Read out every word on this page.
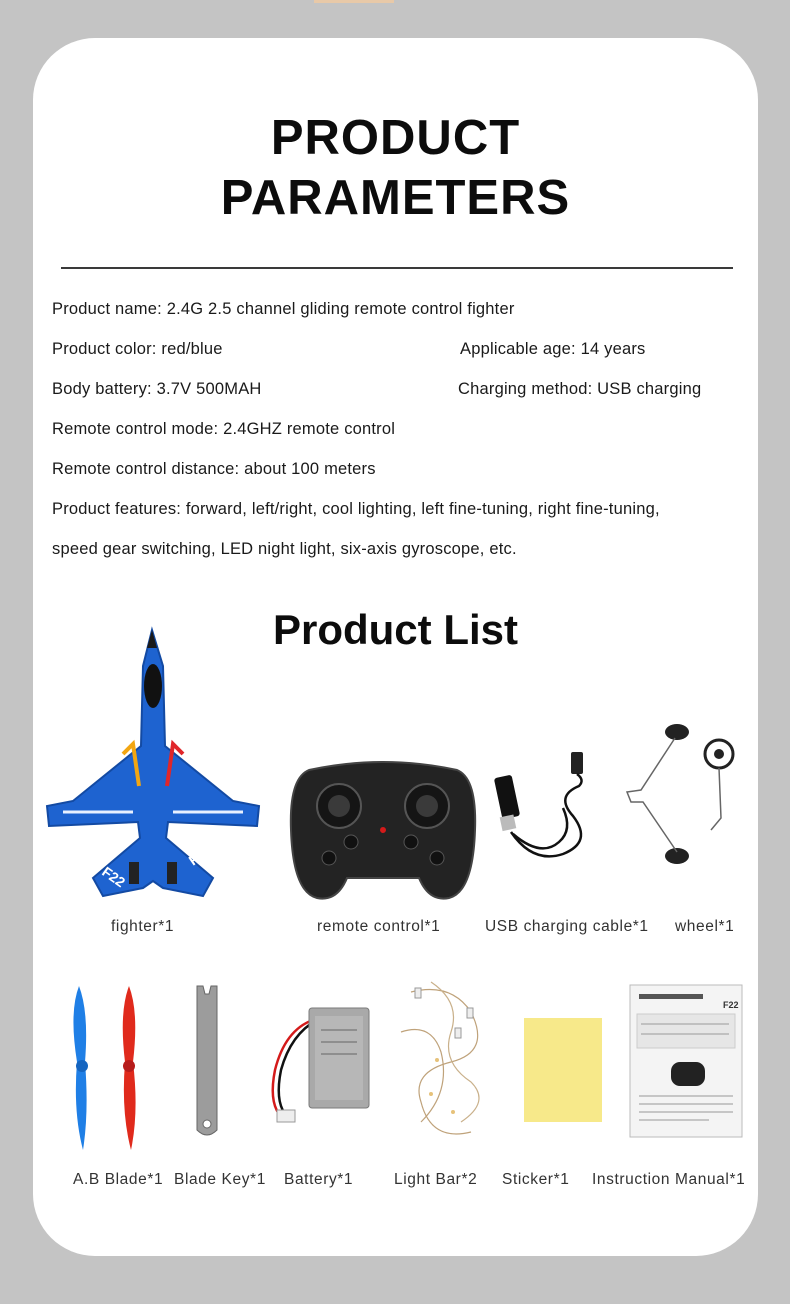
PRODUCT
PARAMETERS
Product name: 2.4G 2.5 channel gliding remote control fighter
Product color: red/blue	Applicable age: 14 years
Body battery: 3.7V 500MAH	Charging method: USB charging
Remote control mode: 2.4GHZ remote control
Remote control distance: about 100 meters
Product features: forward, left/right, cool lighting, left fine-tuning, right fine-tuning,
speed gear switching, LED night light, six-axis gyroscope, etc.
Product List
F22
F22
fighter*1	remote control*1	USB charging cable*1 wheel*1
A.B Blade*1 Blade Key*1 Battery*1	Light Bar*2 Sticker*1
F22
Instruction Manual*1
